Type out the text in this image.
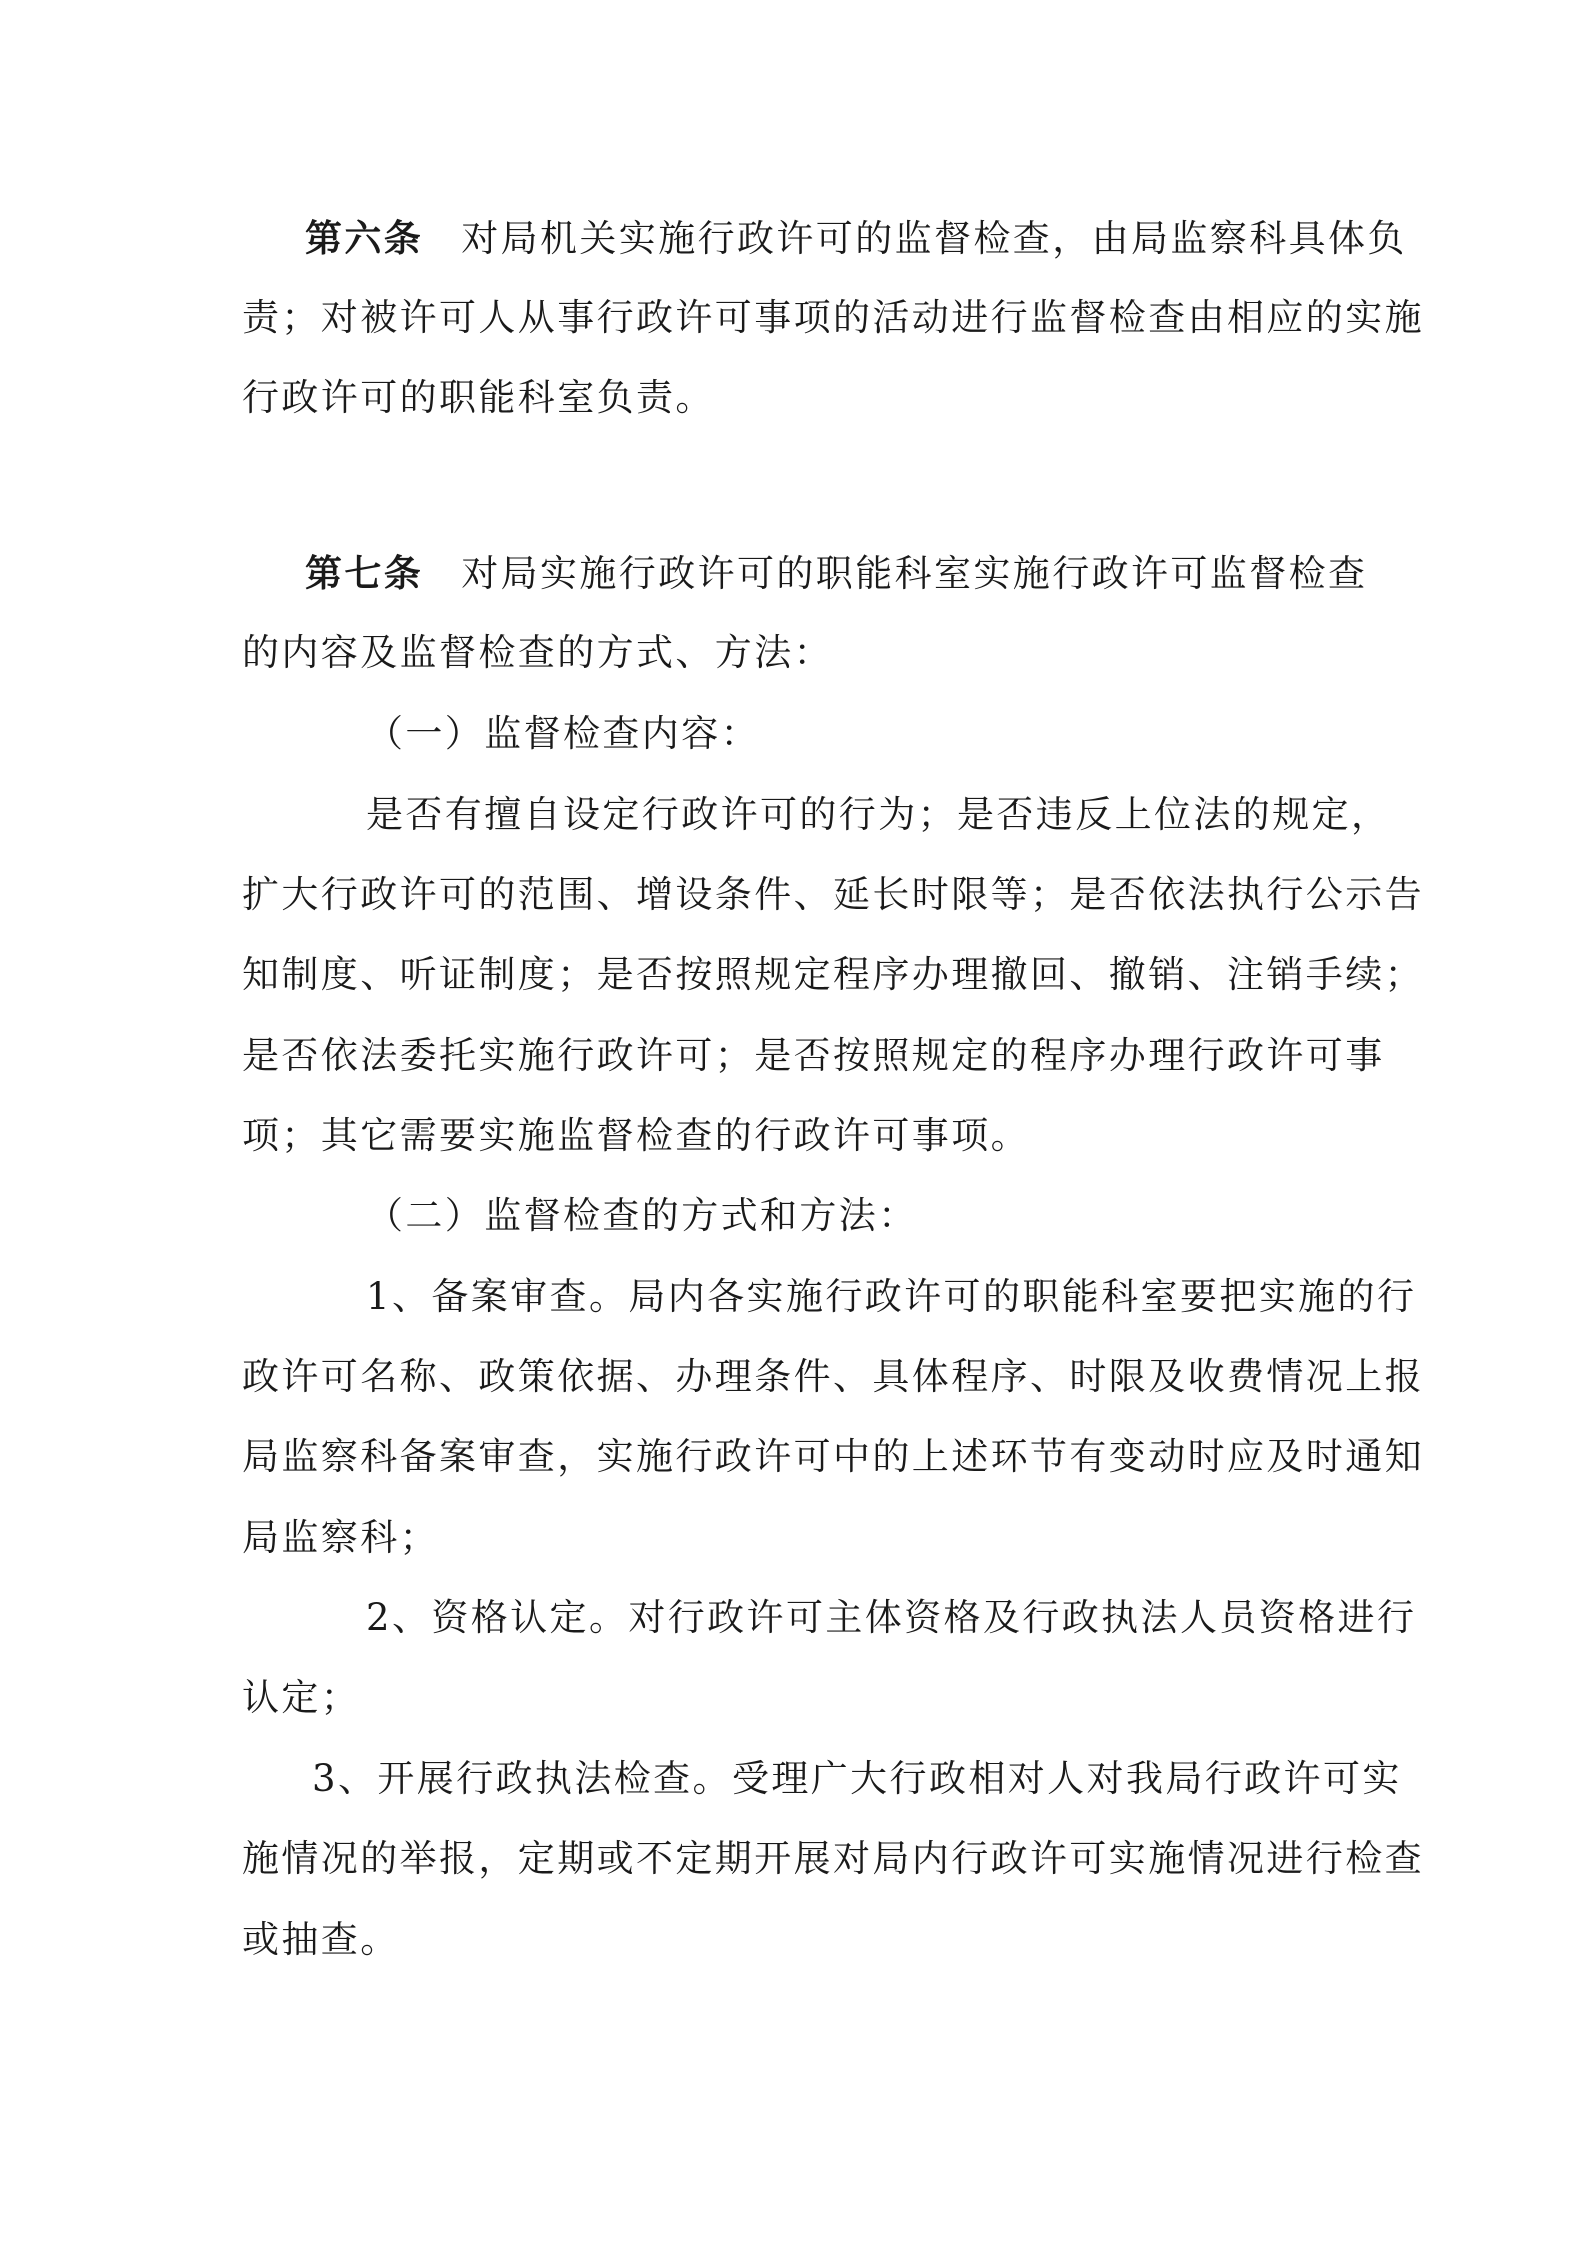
第六条 对局机关实施行政许可的监督检查，由局监察科具体负
责；对被许可人从事行政许可事项的活动进行监督检查由相应的实施
行政许可的职能科室负责。
第七条 对局实施行政许可的职能科室实施行政许可监督检查
的内容及监督检查的方式、方法：
（一）监督检查内容：
是否有擅自设定行政许可的行为；是否违反上位法的规定，
扩大行政许可的范围、增设条件、延长时限等；是否依法执行公示告
知制度、听证制度；是否按照规定程序办理撤回、撤销、注销手续；
是否依法委托实施行政许可；是否按照规定的程序办理行政许可事
项；其它需要实施监督检查的行政许可事项。
（二）监督检查的方式和方法：
1、备案审查。局内各实施行政许可的职能科室要把实施的行
政许可名称、政策依据、办理条件、具体程序、时限及收费情况上报
局监察科备案审查，实施行政许可中的上述环节有变动时应及时通知
局监察科；
2、资格认定。对行政许可主体资格及行政执法人员资格进行
认定；
3、开展行政执法检查。受理广大行政相对人对我局行政许可实
施情况的举报，定期或不定期开展对局内行政许可实施情况进行检查
或抽查。
